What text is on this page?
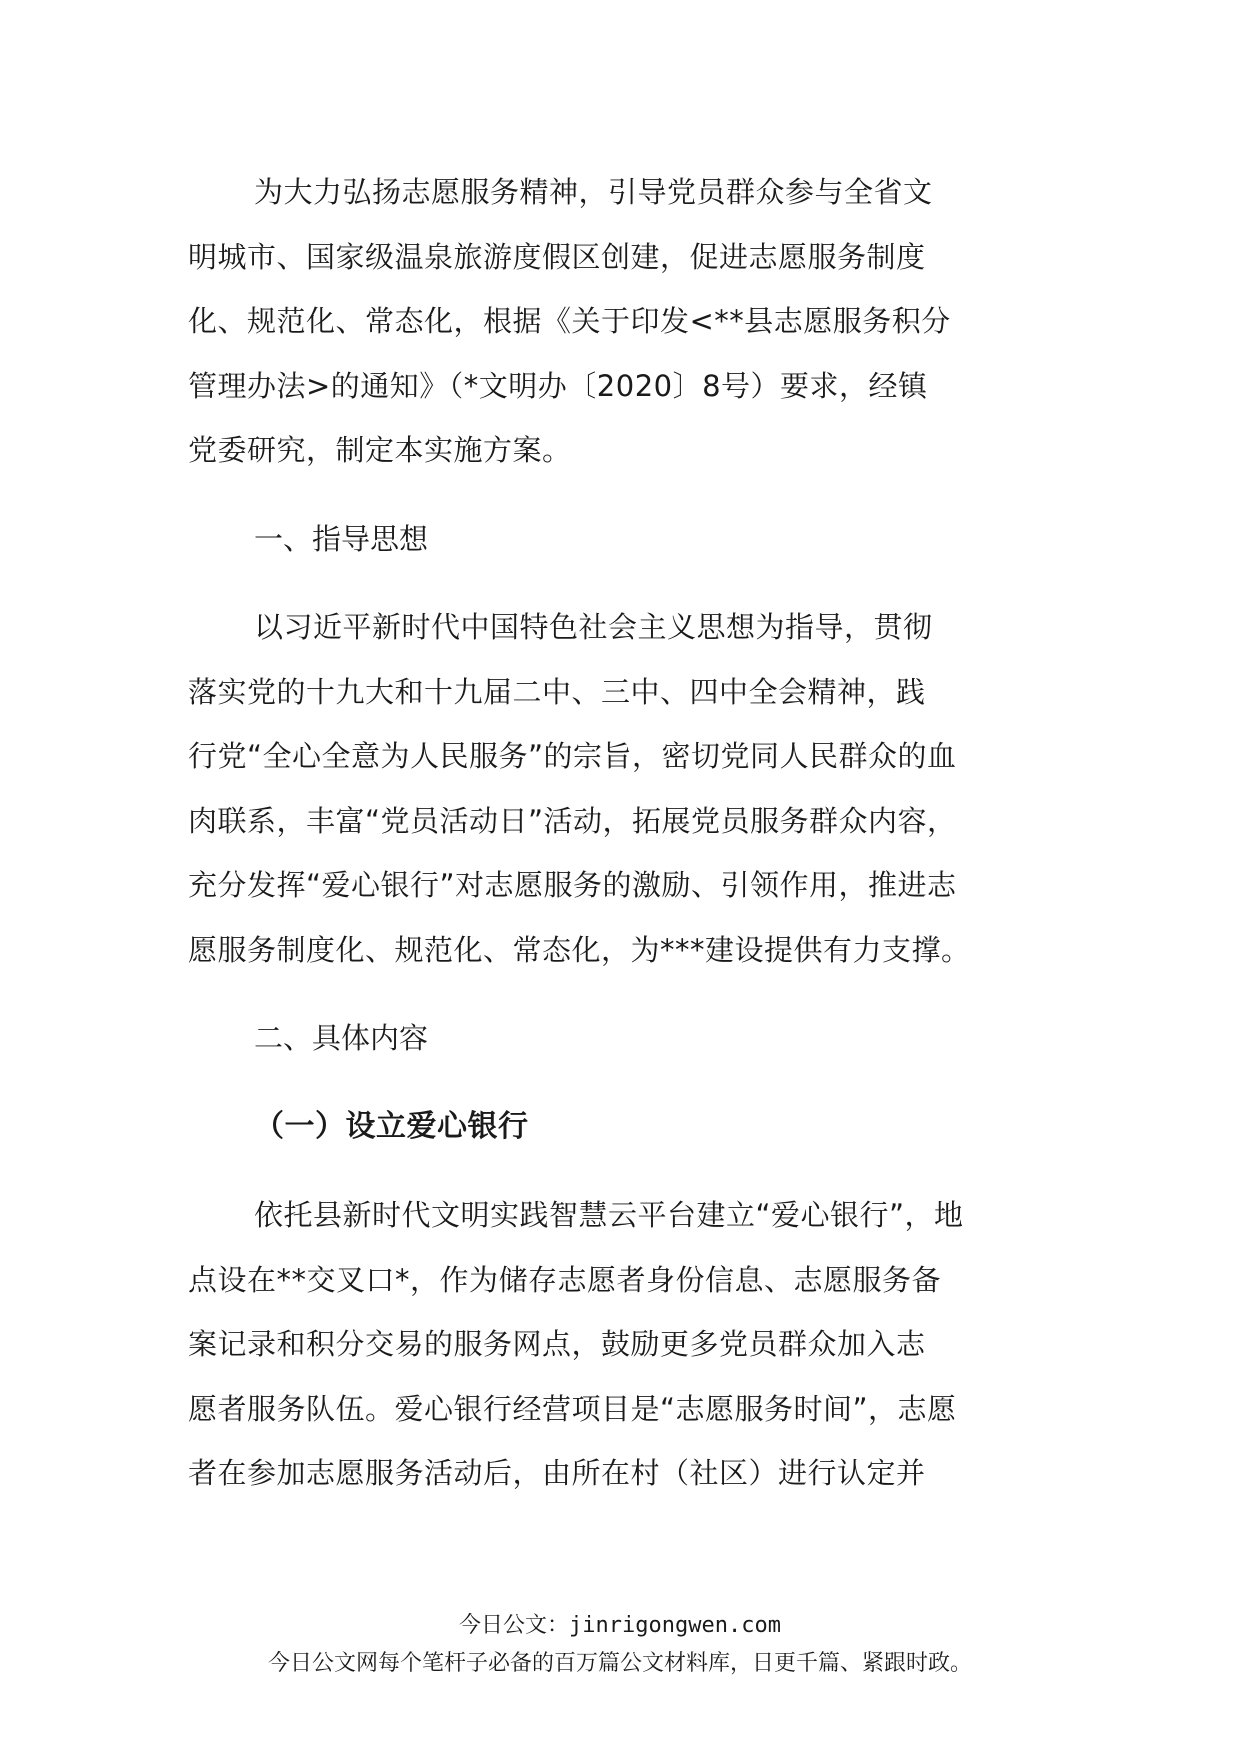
为大力弘扬志愿服务精神，引导党员群众参与全省文
明城市、国家级温泉旅游度假区创建，促进志愿服务制度
化、规范化、常态化，根据《关于印发<**县志愿服务积分
管理办法>的通知》（*文明办〔2020〕8号）要求，经镇
党委研究，制定本实施方案。
一、指导思想
以习近平新时代中国特色社会主义思想为指导，贯彻
落实党的十九大和十九届二中、三中、四中全会精神，践
行党“全心全意为人民服务”的宗旨，密切党同人民群众的血
肉联系，丰富“党员活动日”活动，拓展党员服务群众内容，
充分发挥“爱心银行”对志愿服务的激励、引领作用，推进志
愿服务制度化、规范化、常态化，为***建设提供有力支撑。
二、具体内容
（一）设立爱心银行
依托县新时代文明实践智慧云平台建立“爱心银行”，地
点设在**交叉口*，作为储存志愿者身份信息、志愿服务备
案记录和积分交易的服务网点，鼓励更多党员群众加入志
愿者服务队伍。爱心银行经营项目是“志愿服务时间”，志愿
者在参加志愿服务活动后，由所在村（社区）进行认定并
今日公文：jinrigongwen.com
今日公文网每个笔杆子必备的百万篇公文材料库，日更千篇、紧跟时政。
